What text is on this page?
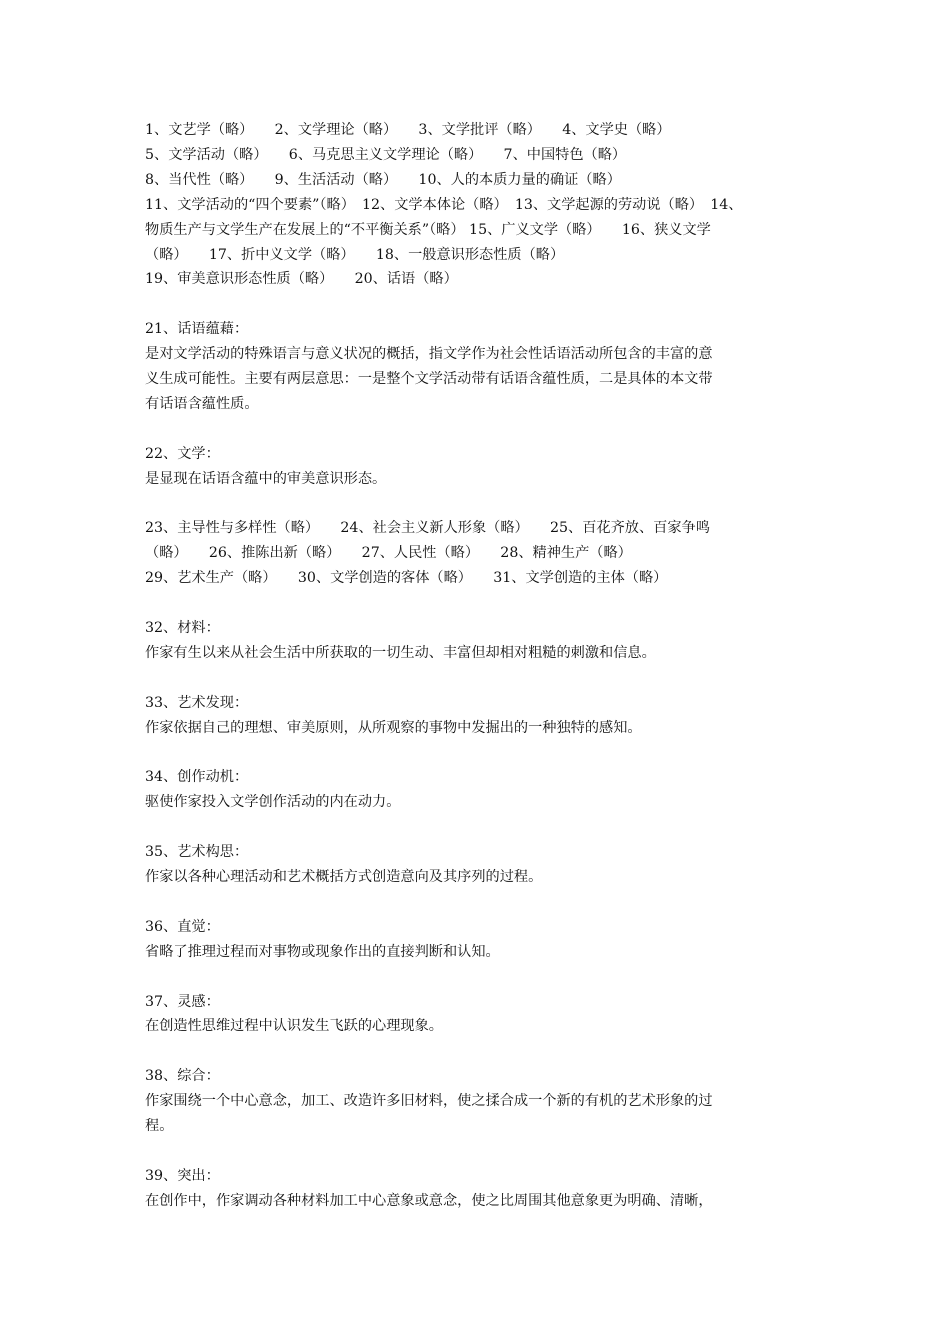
1、文艺学（略）　　2、文学理论（略）　　3、文学批评（略）　　4、文学史（略）

5、文学活动（略）　　6、马克思主义文学理论（略）　　7、中国特色（略）

8、当代性（略）　　9、生活活动（略）　　10、人的本质力量的确证（略）

11、文学活动的“四个要素”（略）　12、文学本体论（略）　13、文学起源的劳动说（略）　14、

物质生产与文学生产在发展上的“不平衡关系”（略） 15、广义文学（略）　　16、狭义文学

（略）　　17、折中义文学（略）　　18、一般意识形态性质（略）

19、审美意识形态性质（略）　　20、话语（略）

21、话语蕴藉：

是对文学活动的特殊语言与意义状况的概括，指文学作为社会性话语活动所包含的丰富的意

义生成可能性。主要有两层意思：一是整个文学活动带有话语含蕴性质，二是具体的本文带

有话语含蕴性质。

22、文学：

是显现在话语含蕴中的审美意识形态。

23、主导性与多样性（略）　　24、社会主义新人形象（略）　　25、百花齐放、百家争鸣

（略）　　26、推陈出新（略）　　27、人民性（略）　　28、精神生产（略）

29、艺术生产（略）　　30、文学创造的客体（略）　　31、文学创造的主体（略）

32、材料：

作家有生以来从社会生活中所获取的一切生动、丰富但却相对粗糙的刺激和信息。

33、艺术发现：

作家依据自己的理想、审美原则，从所观察的事物中发掘出的一种独特的感知。

34、创作动机：

驱使作家投入文学创作活动的内在动力。

35、艺术构思：

作家以各种心理活动和艺术概括方式创造意向及其序列的过程。

36、直觉：

省略了推理过程而对事物或现象作出的直接判断和认知。

37、灵感：

在创造性思维过程中认识发生飞跃的心理现象。

38、综合：

作家围绕一个中心意念，加工、改造许多旧材料，使之揉合成一个新的有机的艺术形象的过

程。

39、突出：

在创作中，作家调动各种材料加工中心意象或意念，使之比周围其他意象更为明确、清晰，
